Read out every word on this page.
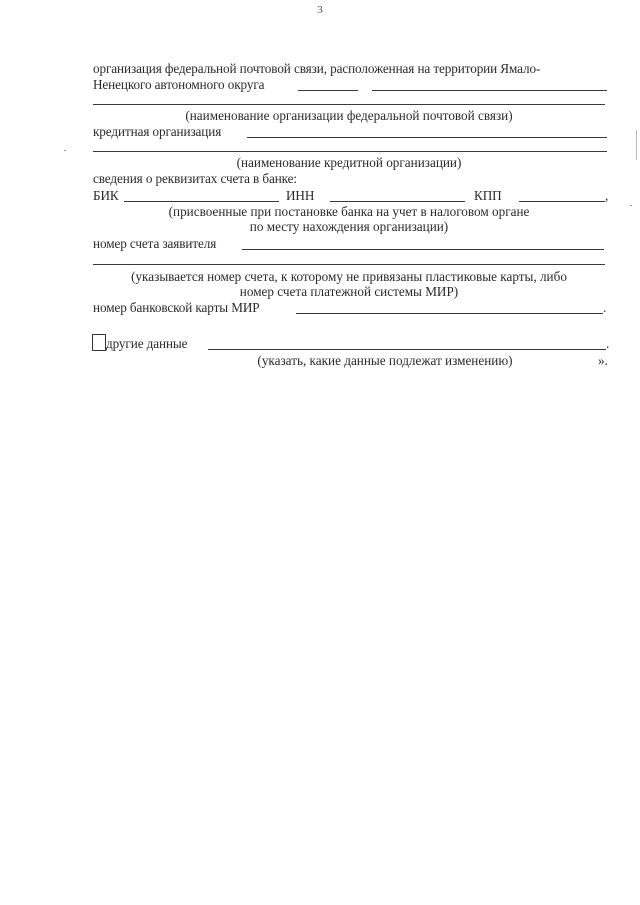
3
организация федеральной почтовой связи, расположенная на территории Ямало-
Ненецкого автономного округа
(наименование организации федеральной почтовой связи)
кредитная организация
(наименование кредитной организации)
сведения о реквизитах счета в банке:
БИК	ИНН	КПП	,
(присвоенные при постановке банка на учет в налоговом органе
по месту нахождения организации)
номер счета заявителя
(указывается номер счета, к которому не привязаны пластиковые карты, либо
номер счета платежной системы МИР)
номер банковской карты МИР	.
другие данные	.
(указать, какие данные подлежат изменению)	».
